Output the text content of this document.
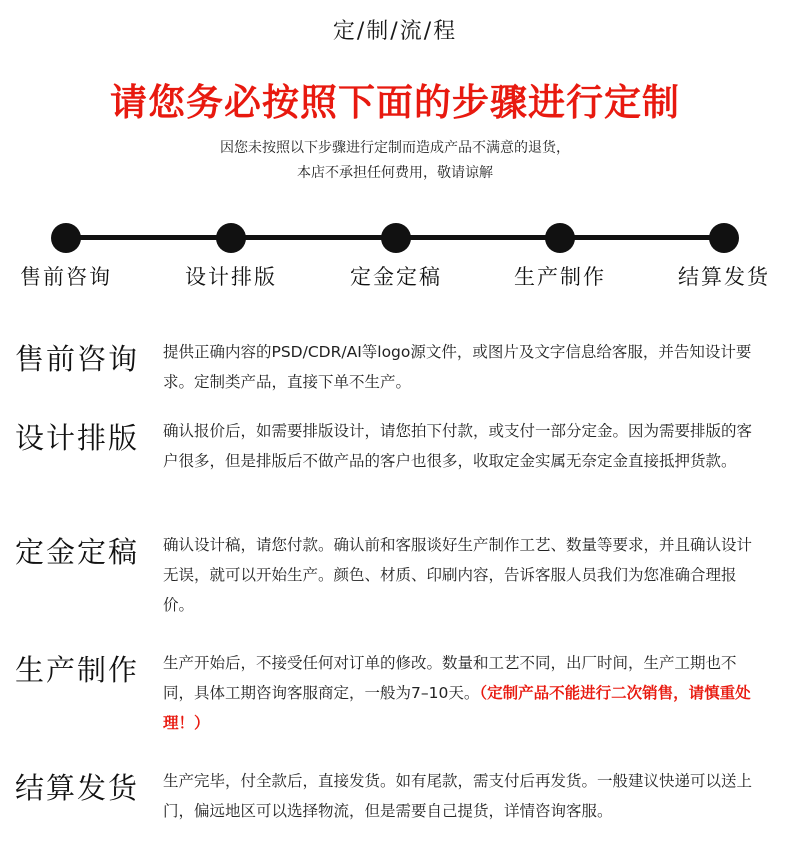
定/制/流/程
请您务必按照下面的步骤进行定制
因您未按照以下步骤进行定制而造成产品不满意的退货，
本店不承担任何费用，敬请谅解
售前咨询	设计排版	定金定稿	生产制作	结算发货
售前咨询 提供正确内容的PSD/CDR/AI等logo源文件，或图片及文字信息给客服，并告知设计要求。定制类产品，直接下单不生产。
设计排版 确认报价后，如需要排版设计，请您拍下付款，或支付一部分定金。因为需要排版的客户很多，但是排版后不做产品的客户也很多，收取定金实属无奈定金直接抵押货款。
定金定稿 确认设计稿，请您付款。确认前和客服谈好生产制作工艺、数量等要求，并且确认设计无误，就可以开始生产。颜色、材质、印刷内容，告诉客服人员我们为您准确合理报价。
生产制作 生产开始后，不接受任何对订单的修改。数量和工艺不同，出厂时间，生产工期也不同，具体工期咨询客服商定，一般为7–10天。（定制产品不能进行二次销售，请慎重处理！）
结算发货 生产完毕，付全款后，直接发货。如有尾款，需支付后再发货。一般建议快递可以送上门，偏远地区可以选择物流，但是需要自己提货，详情咨询客服。
